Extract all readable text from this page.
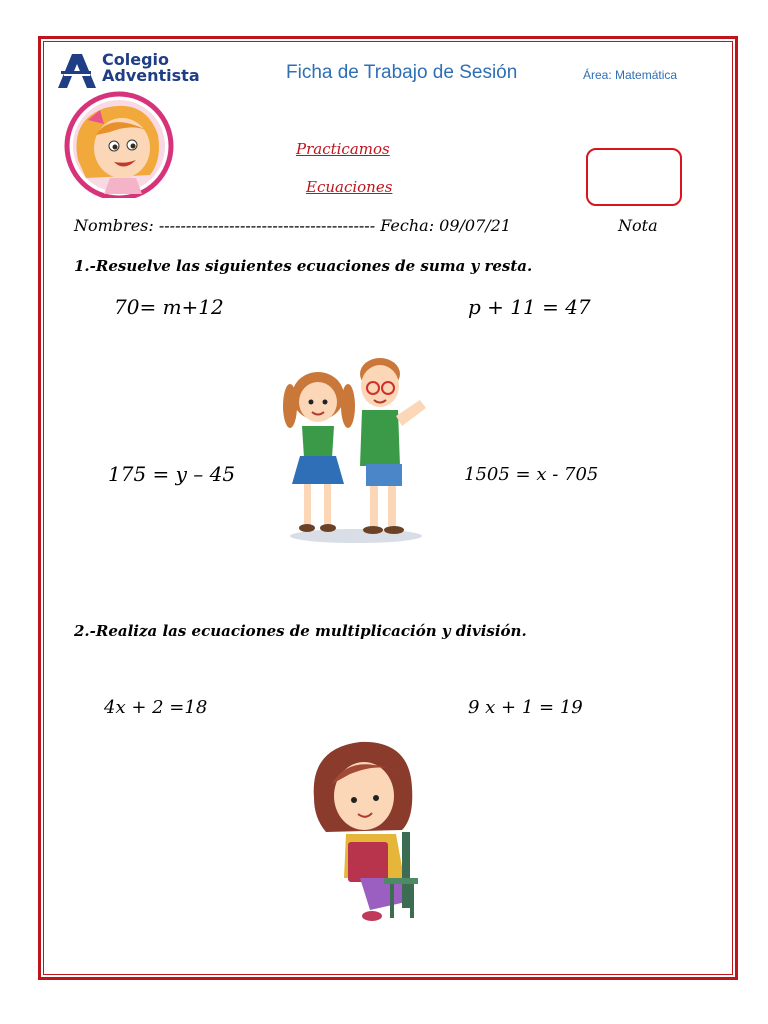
Colegio
Adventista	Ficha de Trabajo de Sesión	Área: Matemática
Practicamos
Ecuaciones
Nombres: ---------------------------------------- Fecha: 09/07/21	Nota
1.-Resuelve las siguientes ecuaciones de suma y resta.
70= m+12	p + 11 = 47
175 = y – 45	1505 = x - 705
2.-Realiza las ecuaciones de multiplicación y división.
4x + 2 =18	9 x + 1 = 19
